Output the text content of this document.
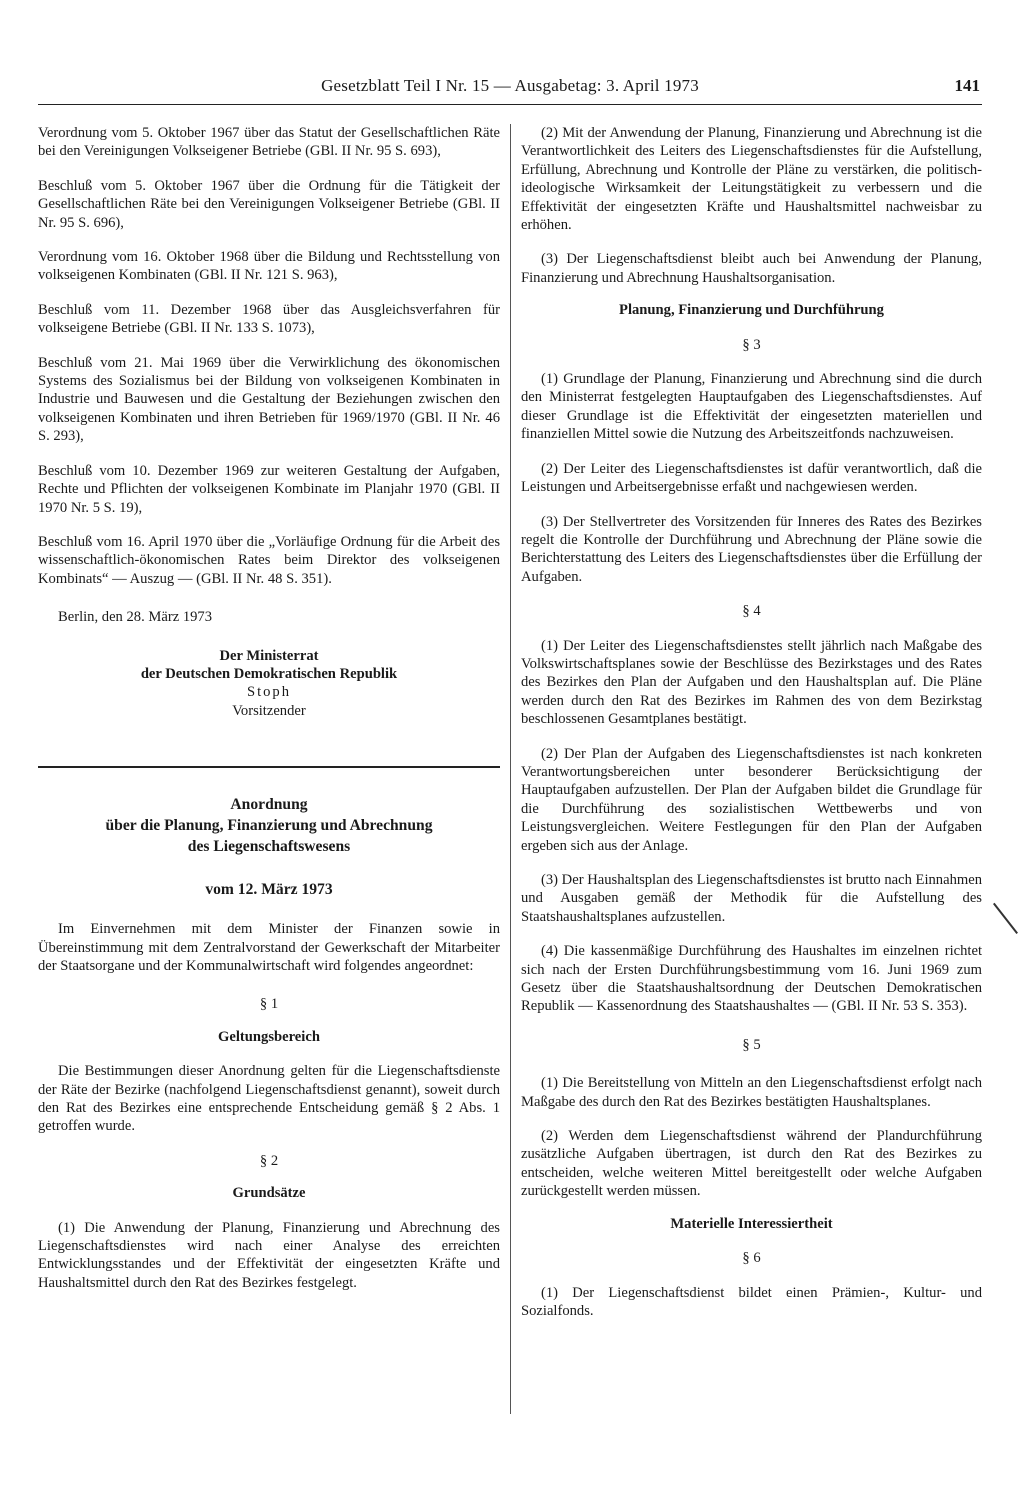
Gesetzblatt Teil I Nr. 15 — Ausgabetag: 3. April 1973	141

Verordnung vom 5. Oktober 1967 über das Statut der Gesellschaftlichen Räte bei den Vereinigungen Volkseigener Betriebe (GBl. II Nr. 95 S. 693),

Beschluß vom 5. Oktober 1967 über die Ordnung für die Tätigkeit der Gesellschaftlichen Räte bei den Vereinigungen Volkseigener Betriebe (GBl. II Nr. 95 S. 696),

Verordnung vom 16. Oktober 1968 über die Bildung und Rechtsstellung von volkseigenen Kombinaten (GBl. II Nr. 121 S. 963),

Beschluß vom 11. Dezember 1968 über das Ausgleichsverfahren für volkseigene Betriebe (GBl. II Nr. 133 S. 1073),

Beschluß vom 21. Mai 1969 über die Verwirklichung des ökonomischen Systems des Sozialismus bei der Bildung von volkseigenen Kombinaten in Industrie und Bauwesen und die Gestaltung der Beziehungen zwischen den volkseigenen Kombinaten und ihren Betrieben für 1969/1970 (GBl. II Nr. 46 S. 293),

Beschluß vom 10. Dezember 1969 zur weiteren Gestaltung der Aufgaben, Rechte und Pflichten der volkseigenen Kombinate im Planjahr 1970 (GBl. II 1970 Nr. 5 S. 19),

Beschluß vom 16. April 1970 über die „Vorläufige Ordnung für die Arbeit des wissenschaftlich-ökonomischen Rates beim Direktor des volkseigenen Kombinats“ — Auszug — (GBl. II Nr. 48 S. 351).

Berlin, den 28. März 1973

Der Ministerrat
der Deutschen Demokratischen Republik
Stoph
Vorsitzender
Anordnung
über die Planung, Finanzierung und Abrechnung
des Liegenschaftswesens
vom 12. März 1973

Im Einvernehmen mit dem Minister der Finanzen sowie in Übereinstimmung mit dem Zentralvorstand der Gewerkschaft der Mitarbeiter der Staatsorgane und der Kommunalwirtschaft wird folgendes angeordnet:

§ 1
Geltungsbereich

Die Bestimmungen dieser Anordnung gelten für die Liegenschaftsdienste der Räte der Bezirke (nachfolgend Liegenschaftsdienst genannt), soweit durch den Rat des Bezirkes eine entsprechende Entscheidung gemäß § 2 Abs. 1 getroffen wurde.

§ 2
Grundsätze

(1) Die Anwendung der Planung, Finanzierung und Abrechnung des Liegenschaftsdienstes wird nach einer Analyse des erreichten Entwicklungsstandes und der Effektivität der eingesetzten Kräfte und Haushaltsmittel durch den Rat des Bezirkes festgelegt.

(2) Mit der Anwendung der Planung, Finanzierung und Abrechnung ist die Verantwortlichkeit des Leiters des Liegenschaftsdienstes für die Aufstellung, Erfüllung, Abrechnung und Kontrolle der Pläne zu verstärken, die politisch-ideologische Wirksamkeit der Leitungstätigkeit zu verbessern und die Effektivität der eingesetzten Kräfte und Haushaltsmittel nachweisbar zu erhöhen.

(3) Der Liegenschaftsdienst bleibt auch bei Anwendung der Planung, Finanzierung und Abrechnung Haushaltsorganisation.

Planung, Finanzierung und Durchführung
§ 3

(1) Grundlage der Planung, Finanzierung und Abrechnung sind die durch den Ministerrat festgelegten Hauptaufgaben des Liegenschaftsdienstes. Auf dieser Grundlage ist die Effektivität der eingesetzten materiellen und finanziellen Mittel sowie die Nutzung des Arbeitszeitfonds nachzuweisen.

(2) Der Leiter des Liegenschaftsdienstes ist dafür verantwortlich, daß die Leistungen und Arbeitsergebnisse erfaßt und nachgewiesen werden.

(3) Der Stellvertreter des Vorsitzenden für Inneres des Rates des Bezirkes regelt die Kontrolle der Durchführung und Abrechnung der Pläne sowie die Berichterstattung des Leiters des Liegenschaftsdienstes über die Erfüllung der Aufgaben.

§ 4

(1) Der Leiter des Liegenschaftsdienstes stellt jährlich nach Maßgabe des Volkswirtschaftsplanes sowie der Beschlüsse des Bezirkstages und des Rates des Bezirkes den Plan der Aufgaben und den Haushaltsplan auf. Die Pläne werden durch den Rat des Bezirkes im Rahmen des von dem Bezirkstag beschlossenen Gesamtplanes bestätigt.

(2) Der Plan der Aufgaben des Liegenschaftsdienstes ist nach konkreten Verantwortungsbereichen unter besonderer Berücksichtigung der Hauptaufgaben aufzustellen. Der Plan der Aufgaben bildet die Grundlage für die Durchführung des sozialistischen Wettbewerbs und von Leistungsvergleichen. Weitere Festlegungen für den Plan der Aufgaben ergeben sich aus der Anlage.

(3) Der Haushaltsplan des Liegenschaftsdienstes ist brutto nach Einnahmen und Ausgaben gemäß der Methodik für die Aufstellung des Staatshaushaltsplanes aufzustellen.

(4) Die kassenmäßige Durchführung des Haushaltes im einzelnen richtet sich nach der Ersten Durchführungsbestimmung vom 16. Juni 1969 zum Gesetz über die Staatshaushaltsordnung der Deutschen Demokratischen Republik — Kassenordnung des Staatshaushaltes — (GBl. II Nr. 53 S. 353).

§ 5

(1) Die Bereitstellung von Mitteln an den Liegenschaftsdienst erfolgt nach Maßgabe des durch den Rat des Bezirkes bestätigten Haushaltsplanes.

(2) Werden dem Liegenschaftsdienst während der Plandurchführung zusätzliche Aufgaben übertragen, ist durch den Rat des Bezirkes zu entscheiden, welche weiteren Mittel bereitgestellt oder welche Aufgaben zurückgestellt werden müssen.

Materielle Interessiertheit
§ 6

(1) Der Liegenschaftsdienst bildet einen Prämien-, Kultur- und Sozialfonds.
